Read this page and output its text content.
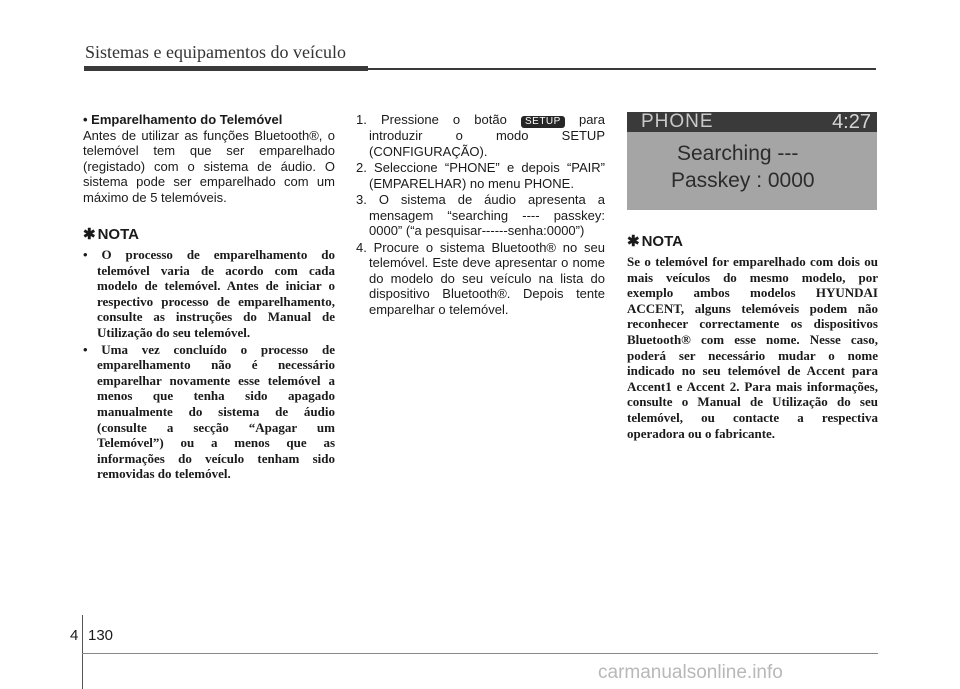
Sistemas e equipamentos do veículo
• Emparelhamento do Telemóvel
Antes de utilizar as funções Bluetooth®, o telemóvel tem que ser emparelhado (registado) com o sistema de áudio. O sistema pode ser emparelhado com um máximo de 5 telemóveis.
✱ NOTA
• O processo de emparelhamento do telemóvel varia de acordo com cada modelo de telemóvel. Antes de iniciar o respectivo processo de emparelhamento, consulte as instruções do Manual de Utilização do seu telemóvel.
• Uma vez concluído o processo de emparelhamento não é necessário emparelhar novamente esse telemóvel a menos que tenha sido apagado manualmente do sistema de áudio (consulte a secção “Apagar um Telemóvel”) ou a menos que as informações do veículo tenham sido removidas do telemóvel.
1. Pressione o botão SETUP para introduzir o modo SETUP (CONFIGURAÇÃO).
2. Seleccione “PHONE” e depois “PAIR” (EMPARELHAR) no menu PHONE.
3. O sistema de áudio apresenta a mensagem “searching ---- passkey: 0000” (“a pesquisar------senha:0000”)
4. Procure o sistema Bluetooth® no seu telemóvel. Este deve apresentar o nome do modelo do seu veículo na lista do dispositivo Bluetooth®. Depois tente emparelhar o telemóvel.
PHONE	4:27
Searching ---
Passkey : 0000
✱ NOTA
Se o telemóvel for emparelhado com dois ou mais veículos do mesmo modelo, por exemplo ambos modelos HYUNDAI ACCENT, alguns telemóveis podem não reconhecer correctamente os dispositivos Bluetooth® com esse nome. Nesse caso, poderá ser necessário mudar o nome indicado no seu telemóvel de Accent para Accent1 e Accent 2. Para mais informações, consulte o Manual de Utilização do seu telemóvel, ou contacte a respectiva operadora ou o fabricante.
4 130
carmanualsonline.info
